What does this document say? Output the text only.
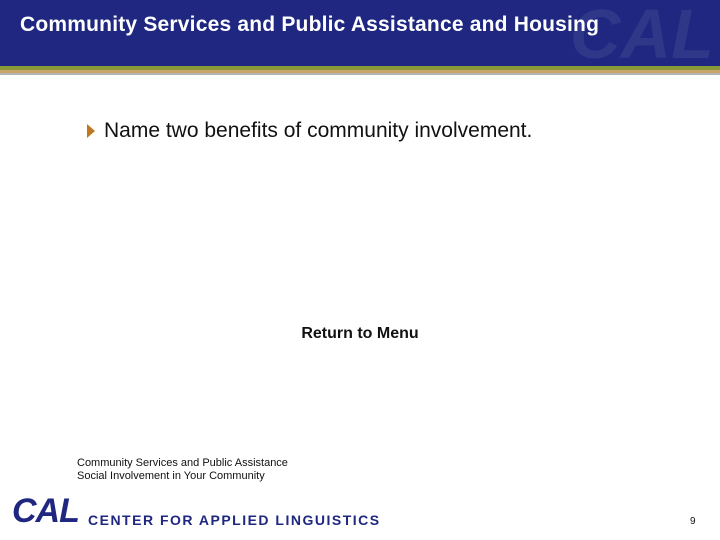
CAL
Community Services and Public Assistance and Housing
Name two benefits of community involvement.
Return to Menu
Community Services and Public Assistance
Social Involvement in Your Community
CAL CENTER FOR APPLIED LINGUISTICS	9
